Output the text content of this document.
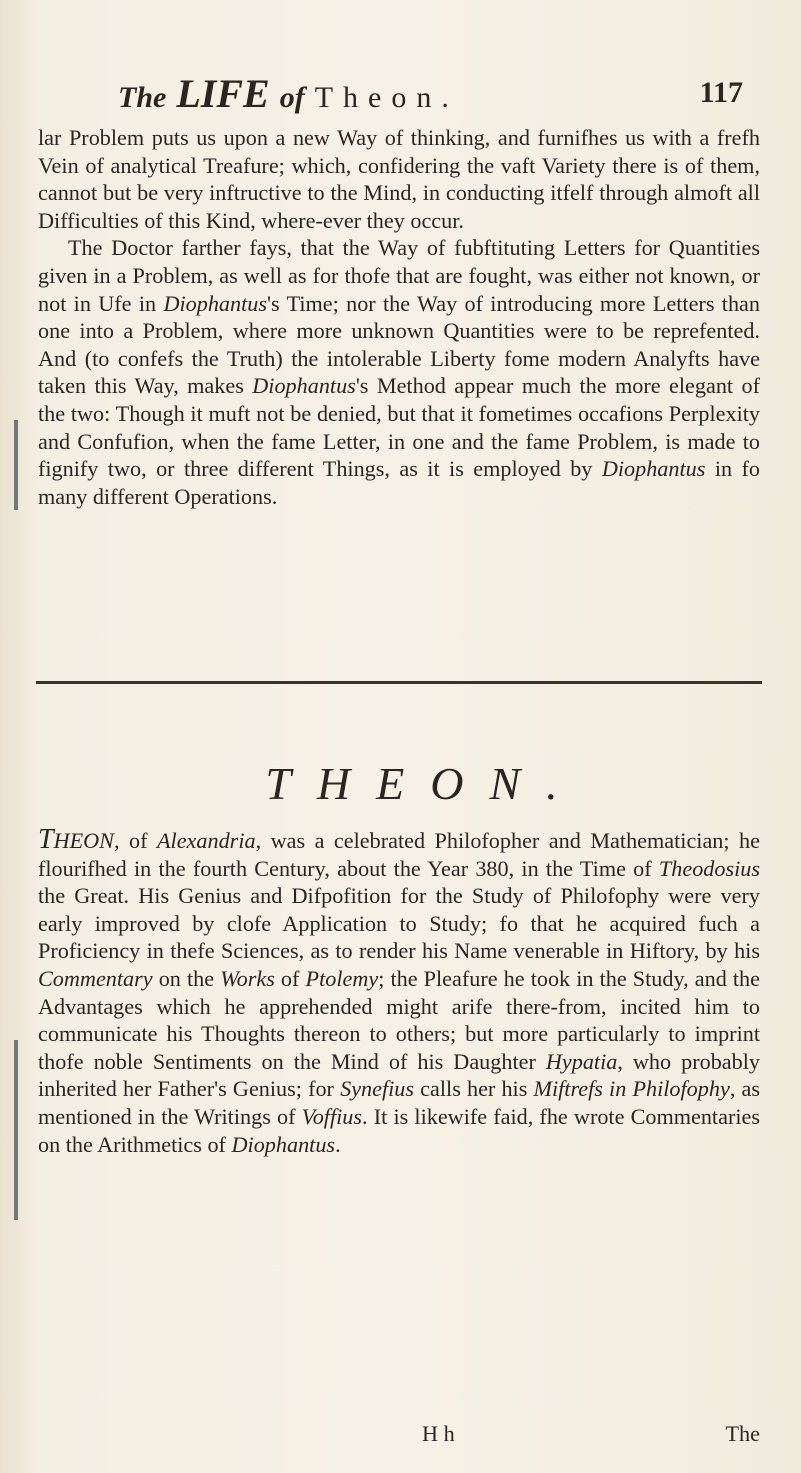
The LIFE of Theon.	117

lar Problem puts us upon a new Way of thinking, and furnifhes us with a frefh Vein of analytical Treafure; which, confidering the vaft Variety there is of them, cannot but be very inftructive to the Mind, in conducting itfelf through almoft all Difficulties of this Kind, where-ever they occur.

The Doctor farther fays, that the Way of fubftituting Letters for Quantities given in a Problem, as well as for thofe that are fought, was either not known, or not in Ufe in Diophantus's Time; nor the Way of introducing more Letters than one into a Problem, where more unknown Quantities were to be reprefented. And (to confefs the Truth) the intolerable Liberty fome modern Analyfts have taken this Way, makes Diophantus's Method appear much the more elegant of the two: Though it muft not be denied, but that it fometimes occafions Perplexity and Confufion, when the fame Letter, in one and the fame Problem, is made to fignify two, or three different Things, as it is employed by Diophantus in fo many different Operations.

THEON.

THEON, of Alexandria, was a celebrated Philofopher and Mathematician; he flourifhed in the fourth Century, about the Year 380, in the Time of Theodosius the Great. His Genius and Difpofition for the Study of Philofophy were very early improved by clofe Application to Study; fo that he acquired fuch a Proficiency in thefe Sciences, as to render his Name venerable in Hiftory, by his Commentary on the Works of Ptolemy; the Pleafure he took in the Study, and the Advantages which he apprehended might arife there-from, incited him to communicate his Thoughts thereon to others; but more particularly to imprint thofe noble Sentiments on the Mind of his Daughter Hypatia, who probably inherited her Father's Genius; for Synefius calls her his Miftrefs in Philofophy, as mentioned in the Writings of Voffius. It is likewife faid, fhe wrote Commentaries on the Arithmetics of Diophantus.

H h	The
